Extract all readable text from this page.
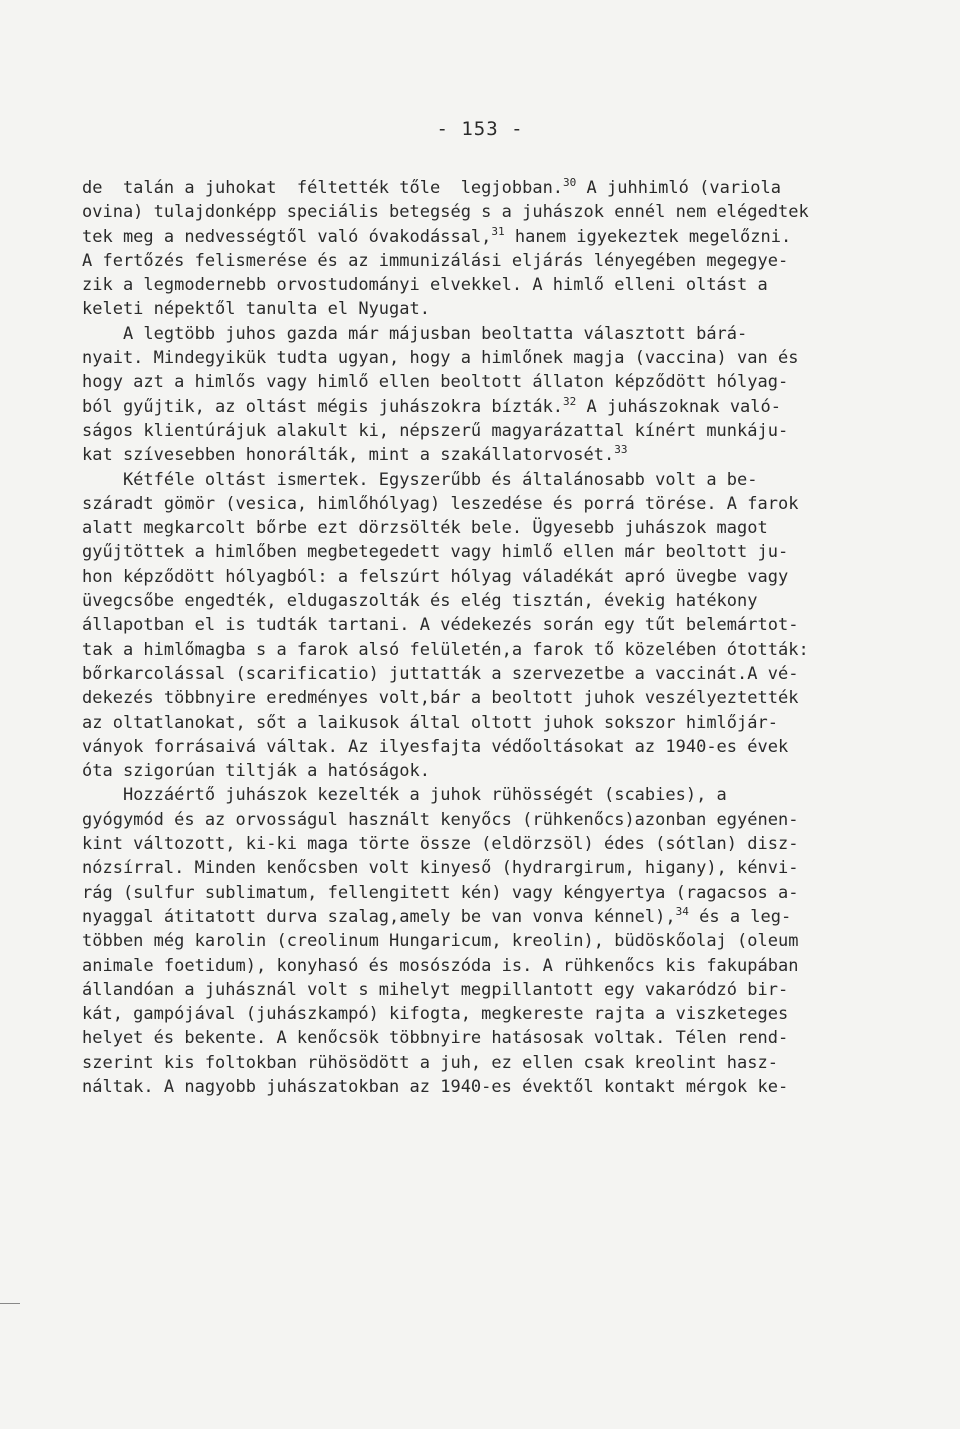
- 153 -
de  talán a juhokat  féltették tőle  legjobban.$^{30}$ A juhhimló (variola
ovina) tulajdonképp speciális betegség s a juhászok ennél nem elégedtek
tek meg a nedvességtől való óvakodással,$^{31}$ hanem igyekeztek megelőzni.
A fertőzés felismerése és az immunizálási eljárás lényegében megegye-
zik a legmodernebb orvostudományi elvekkel. A himlő elleni oltást a
keleti népektől tanulta el Nyugat.
A legtöbb juhos gazda már májusban beoltatta választott bárá-
nyait. Mindegyikük tudta ugyan, hogy a himlőnek magja (vaccina) van és
hogy azt a himlős vagy himlő ellen beoltott állaton képződött hólyag-
ból gyűjtik, az oltást mégis juhászokra bízták.$^{32}$ A juhászoknak való-
ságos klientúrájuk alakult ki, népszerű magyarázattal kínért munkáju-
kat szívesebben honorálták, mint a szakállatorvosét.$^{33}$
Kétféle oltást ismertek. Egyszerűbb és általánosabb volt a be-
száradt gömör (vesica, himlőhólyag) leszedése és porrá törése. A farok
alatt megkarcolt bőrbe ezt dörzsölték bele. Ügyesebb juhászok magot
gyűjtöttek a himlőben megbetegedett vagy himlő ellen már beoltott ju-
hon képződött hólyagból: a felszúrt hólyag váladékát apró üvegbe vagy
üvegcsőbe engedték, eldugaszolták és elég tisztán, évekig hatékony
állapotban el is tudták tartani. A védekezés során egy tűt belemártot-
tak a himlőmagba s a farok alsó felületén,a farok tő közelében ótották:
bőrkarcolással (scarificatio) juttatták a szervezetbe a vaccinát.A vé-
dekezés többnyire eredményes volt,bár a beoltott juhok veszélyeztették
az oltatlanokat, sőt a laikusok által oltott juhok sokszor himlőjár-
ványok forrásaivá váltak. Az ilyesfajta védőoltásokat az 1940-es évek
óta szigorúan tiltják a hatóságok.
Hozzáértő juhászok kezelték a juhok rühösségét (scabies), a
gyógymód és az orvosságul használt kenyőcs (rühkenőcs)azonban egyénen-
kint változott, ki-ki maga törte össze (eldörzsöl) édes (sótlan) disz-
nózsírral. Minden kenőcsben volt kinyeső (hydrargirum, higany), kénvi-
rág (sulfur sublimatum, fellengitett kén) vagy kéngyertya (ragacsos a-
nyaggal átitatott durva szalag,amely be van vonva kénnel),$^{34}$ és a leg-
többen még karolin (creolinum Hungaricum, kreolin), büdöskőolaj (oleum
animale foetidum), konyhasó és mosószóda is. A rühkenőcs kis fakupában
állandóan a juhásznál volt s mihelyt megpillantott egy vakaródzó bir-
kát, gampójával (juhászkampó) kifogta, megkereste rajta a viszketeges
helyet és bekente. A kenőcsök többnyire hatásosak voltak. Télen rend-
szerint kis foltokban rühösödött a juh, ez ellen csak kreolint hasz-
náltak. A nagyobb juhászatokban az 1940-es évektől kontakt mérgok ke-
